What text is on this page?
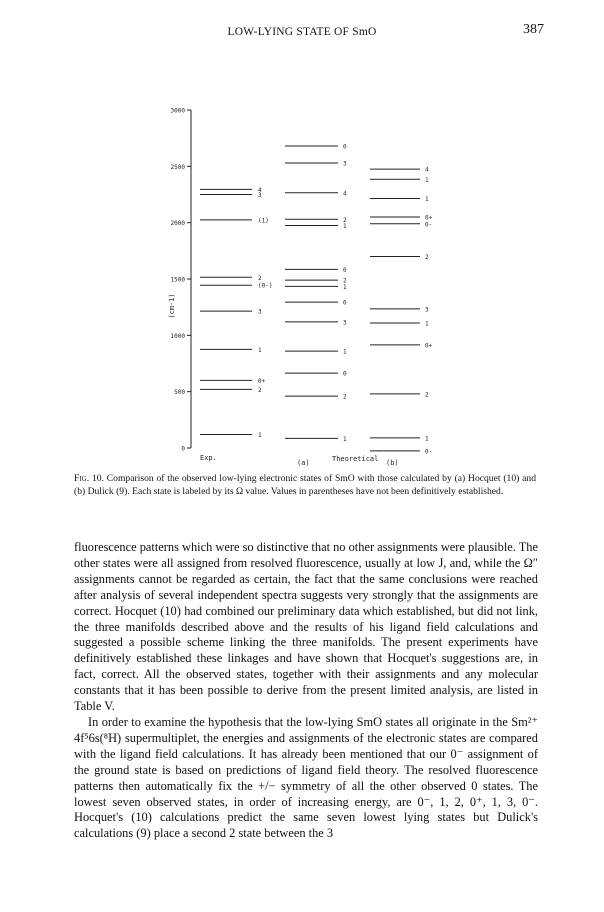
LOW-LYING STATE OF SmO	387
0
500
1000
1500
2000
2500
3000
(cm-1)
1
2
0+
1
3
(0-)
2
(1)
3
4
1
2
0
1
3
0
1
2
0
1
2
4
3
0
0-
1
2
0+
1
3
2
0-
0+
1
1
4
Exp.
(a)	Theoretical (b)
Fig. 10. Comparison of the observed low-lying electronic states of SmO with those calculated by (a) Hocquet (10) and (b) Dulick (9). Each state is labeled by its Ω value. Values in parentheses have not been definitively established.

fluorescence patterns which were so distinctive that no other assignments were plausible. The other states were all assigned from resolved fluorescence, usually at low J, and, while the Ω″ assignments cannot be regarded as certain, the fact that the same conclusions were reached after analysis of several independent spectra suggests very strongly that the assignments are correct. Hocquet (10) had combined our preliminary data which established, but did not link, the three manifolds described above and the results of his ligand field calculations and suggested a possible scheme linking the three manifolds. The present experiments have definitively established these linkages and have shown that Hocquet's suggestions are, in fact, correct. All the observed states, together with their assignments and any molecular constants that it has been possible to derive from the present limited analysis, are listed in Table V.

In order to examine the hypothesis that the low-lying SmO states all originate in the Sm²⁺ 4f⁵6s(⁸H) supermultiplet, the energies and assignments of the electronic states are compared with the ligand field calculations. It has already been mentioned that our 0⁻ assignment of the ground state is based on predictions of ligand field theory. The resolved fluorescence patterns then automatically fix the +/− symmetry of all the other observed 0 states. The lowest seven observed states, in order of increasing energy, are 0⁻, 1, 2, 0⁺, 1, 3, 0⁻. Hocquet's (10) calculations predict the same seven lowest lying states but Dulick's calculations (9) place a second 2 state between the 3
